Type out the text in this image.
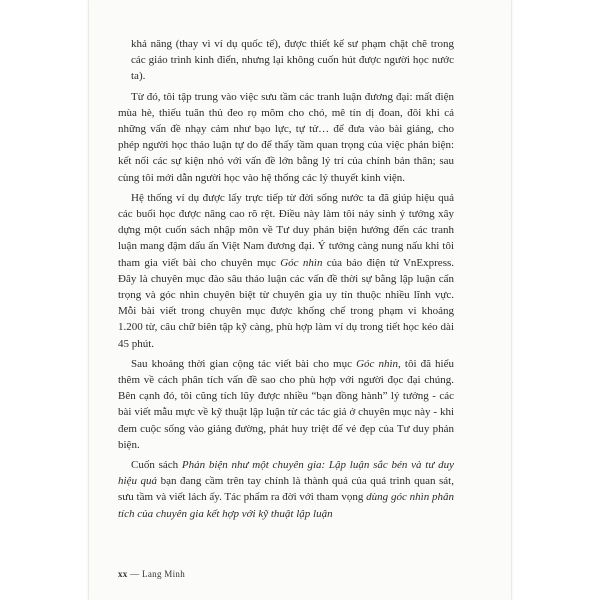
khả năng (thay vì ví dụ quốc tế), được thiết kế sư phạm chặt chẽ trong các giáo trình kinh điển, nhưng lại không cuốn hút được người học nước ta).

Từ đó, tôi tập trung vào việc sưu tầm các tranh luận đương đại: mất điện mùa hè, thiếu tuân thủ đeo rọ mõm cho chó, mê tín dị đoan, đôi khi cả những vấn đề nhạy cảm như bạo lực, tự tử… để đưa vào bài giảng, cho phép người học thảo luận tự do để thấy tầm quan trọng của việc phản biện: kết nối các sự kiện nhỏ với vấn đề lớn bằng lý trí của chính bản thân; sau cùng tôi mới dẫn người học vào hệ thống các lý thuyết kinh viện.

Hệ thống ví dụ được lấy trực tiếp từ đời sống nước ta đã giúp hiệu quả các buổi học được nâng cao rõ rệt. Điều này làm tôi nảy sinh ý tưởng xây dựng một cuốn sách nhập môn về Tư duy phản biện hướng đến các tranh luận mang đậm dấu ấn Việt Nam đương đại. Ý tưởng càng nung nấu khi tôi tham gia viết bài cho chuyên mục Góc nhìn của báo điện tử VnExpress. Đây là chuyên mục đào sâu thảo luận các vấn đề thời sự bằng lập luận cẩn trọng và góc nhìn chuyên biệt từ chuyên gia uy tín thuộc nhiều lĩnh vực. Mỗi bài viết trong chuyên mục được khống chế trong phạm vi khoảng 1.200 từ, câu chữ biên tập kỹ càng, phù hợp làm ví dụ trong tiết học kéo dài 45 phút.

Sau khoảng thời gian cộng tác viết bài cho mục Góc nhìn, tôi đã hiểu thêm về cách phân tích vấn đề sao cho phù hợp với người đọc đại chúng. Bên cạnh đó, tôi cũng tích lũy được nhiều “bạn đồng hành” lý tưởng - các bài viết mẫu mực về kỹ thuật lập luận từ các tác giả ở chuyên mục này - khi đem cuộc sống vào giảng đường, phát huy triệt để vẻ đẹp của Tư duy phản biện.

Cuốn sách Phản biện như một chuyên gia: Lập luận sắc bén và tư duy hiệu quả bạn đang cầm trên tay chính là thành quả của quá trình quan sát, sưu tầm và viết lách ấy. Tác phẩm ra đời với tham vọng dùng góc nhìn phân tích của chuyên gia kết hợp với kỹ thuật lập luận

xx — Lang Minh
